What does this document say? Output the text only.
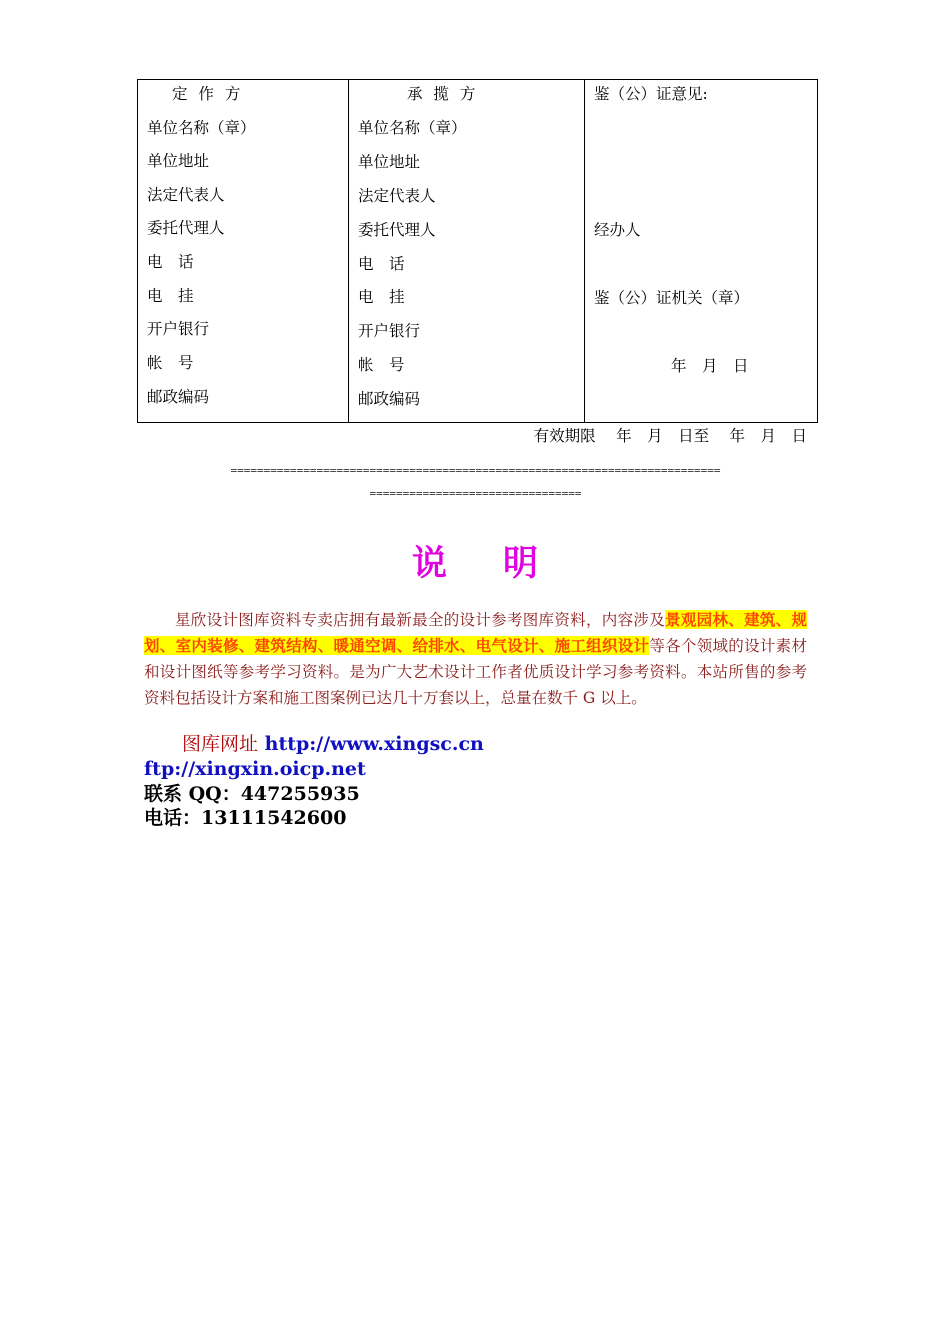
定 作 方
单位名称（章）
单位地址
法定代表人
委托代理人
电　话
电　挂
开户银行
帐　号
邮政编码

承 揽 方
单位名称（章）
单位地址
法定代表人
委托代理人
电　话
电　挂
开户银行
帐　号
邮政编码

鉴（公）证意见:
经办人
鉴（公）证机关（章）
年　月　日
有效期限　 年　月　日至　 年　月　日
==========================================================================
================================
说 明
星欣设计图库资料专卖店拥有最新最全的设计参考图库资料，内容涉及景观园林、建筑、规划、室内装修、建筑结构、暖通空调、给排水、电气设计、施工组织设计等各个领域的设计素材和设计图纸等参考学习资料。是为广大艺术设计工作者优质设计学习参考资料。本站所售的参考资料包括设计方案和施工图案例已达几十万套以上，总量在数千 G 以上。
图库网址 http://www.xingsc.cn
ftp://xingxin.oicp.net
联系 QQ：447255935
电话：13111542600
